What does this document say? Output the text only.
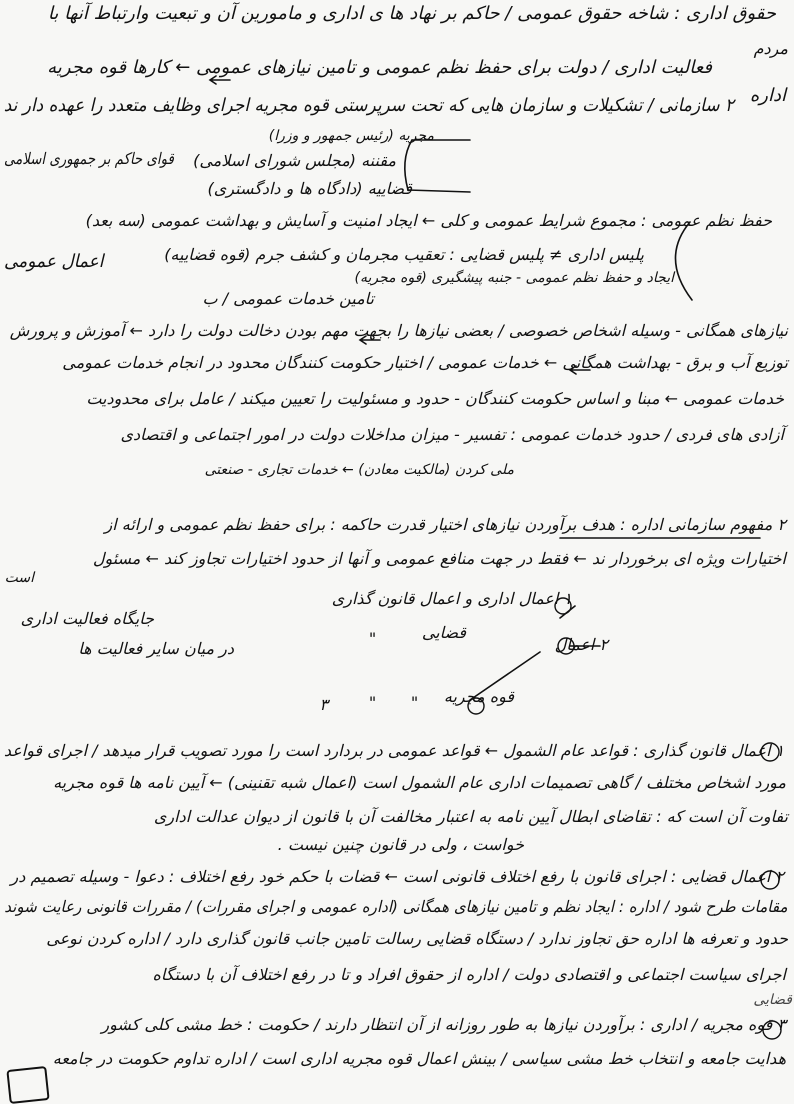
حقوق اداری : شاخه حقوق عمومی / حاکم بر نهاد ها ی اداری و مامورین آن و تبعیت وارتباط آنها با
مردم
فعالیت اداری / دولت برای حفظ نظم عمومی و تامین نیازهای عمومی ← کارها قوه مجریه
اداره
۲ سازمانی / تشکیلات و سازمان هایی که تحت سرپرستی قوه مجریه اجرای وظایف متعدد را عهده دار ند
مجریه (رئیس جمهور و وزرا)
قوای حاکم بر جمهوری اسلامی مقننه (مجلس شورای اسلامی)
قضاییه (دادگاه ها و دادگستری)
حفظ نظم عمومی : مجموع شرایط عمومی و کلی ← ایجاد امنیت و آسایش و بهداشت عمومی (سه بعد)
اعمال عمومی	پلیس اداری ≠ پلیس قضایی : تعقیب مجرمان و کشف جرم (قوه قضاییه)
ایجاد و حفظ نظم عمومی - جنبه پیشگیری (قوه مجریه)
تامین خدمات عمومی / ب
نیازهای همگانی - وسیله اشخاص خصوصی / بعضی نیازها را بجهت مهم بودن دخالت دولت را دارد ← آموزش و پرورش
توزیع آب و برق - بهداشت همگانی ← خدمات عمومی / اختیار حکومت کنندگان محدود در انجام خدمات عمومی
خدمات عمومی ← مبنا و اساس حکومت کنندگان - حدود و مسئولیت را تعیین میکند / عامل برای محدودیت
آزادی های فردی / حدود خدمات عمومی : تفسیر - میزان مداخلات دولت در امور اجتماعی و اقتصادی
ملی کردن (مالکیت معادن) ← خدمات تجاری - صنعتی
۲ مفهوم سازمانی اداره : هدف برآوردن نیازهای اختیار قدرت حاکمه : برای حفظ نظم عمومی و ارائه از
اختیارات ویژه ای برخوردار ند ← فقط در جهت منافع عمومی و آنها از حدود اختیارات تجاوز کند ← مسئول
است
۱ اعمال اداری و اعمال قانون گذاری
جایگاه فعالیت اداری
در میان سایر فعالیت ها	۲ اعمال
"	قضایی
۳	" " قوه مجریه
۱ اعمال قانون گذاری : قواعد عام الشمول ← قواعد عمومی در بردارد است را مورد تصویب قرار میدهد / اجرای قواعد
مورد اشخاص مختلف / گاهی تصمیمات اداری عام الشمول است (اعمال شبه تقنینی) ← آیین نامه ها قوه مجریه
تفاوت آن است که : تقاضای ابطال آیین نامه به اعتبار مخالفت آن با قانون از دیوان عدالت اداری
خواست ، ولی در قانون چنین نیست .
۲ اعمال قضایی : اجرای قانون با رفع اختلاف قانونی است ← قضات با حکم خود رفع اختلاف : دعوا - وسیله تصمیم در
مقامات طرح شود / اداره : ایجاد نظم و تامین نیازهای همگانی (اداره عمومی و اجرای مقررات) / مقررات قانونی رعایت شوند
حدود و تعرفه ها اداره حق تجاوز ندارد / دستگاه قضایی رسالت تامین جانب قانون گذاری دارد / اداره کردن نوعی
اجرای سیاست اجتماعی و اقتصادی دولت / اداره از حقوق افراد و تا در رفع اختلاف آن با دستگاه
قضایی
۳ قوه مجریه / اداری : برآوردن نیازها به طور روزانه از آن انتظار دارند / حکومت : خط مشی کلی کشور
هدایت جامعه و انتخاب خط مشی سیاسی / بینش اعمال قوه مجریه اداری است / اداره تداوم حکومت در جامعه
